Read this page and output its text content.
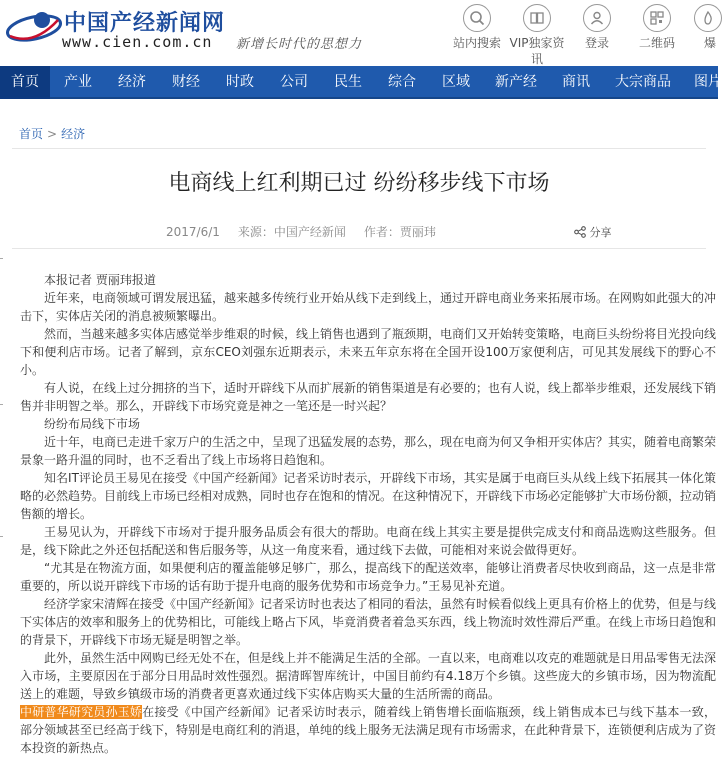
中国产经新闻网
www.cien.com.cn 新增长时代的思想力	站内搜索 VIP独家资讯
登录	二维码	爆
首页	产业	经济	财经	时政	公司	民生	综合	区域	新产经	商讯	大宗商品	图片
首页 > 经济
电商线上红利期已过 纷纷移步线下市场
2017/6/1 来源：中国产经新闻 作者：贾丽玮	分享

本报记者 贾丽玮报道

近年来，电商领域可谓发展迅猛，越来越多传统行业开始从线下走到线上，通过开辟电商业务来拓展市场。在网购如此强大的冲击下，实体店关闭的消息被频繁曝出。

然而，当越来越多实体店感觉举步维艰的时候，线上销售也遇到了瓶颈期，电商们又开始转变策略，电商巨头纷纷将目光投向线下和便利店市场。记者了解到，京东CEO刘强东近期表示，未来五年京东将在全国开设100万家便利店，可见其发展线下的野心不小。

有人说，在线上过分拥挤的当下，适时开辟线下从而扩展新的销售渠道是有必要的；也有人说，线上都举步维艰，还发展线下销售并非明智之举。那么，开辟线下市场究竟是神之一笔还是一时兴起？

纷纷布局线下市场

近十年，电商已走进千家万户的生活之中，呈现了迅猛发展的态势，那么，现在电商为何又争相开实体店？其实，随着电商繁荣景象一路升温的同时，也不乏看出了线上市场将日趋饱和。

知名IT评论员王易见在接受《中国产经新闻》记者采访时表示，开辟线下市场，其实是属于电商巨头从线上线下拓展其一体化策略的必然趋势。目前线上市场已经相对成熟，同时也存在饱和的情况。在这种情况下，开辟线下市场必定能够扩大市场份额，拉动销售额的增长。

王易见认为，开辟线下市场对于提升服务品质会有很大的帮助。电商在线上其实主要是提供完成支付和商品选购这些服务。但是，线下除此之外还包括配送和售后服务等，从这一角度来看，通过线下去做，可能相对来说会做得更好。

“尤其是在物流方面，如果便利店的覆盖能够足够广，那么，提高线下的配送效率，能够让消费者尽快收到商品，这一点是非常重要的，所以说开辟线下市场的话有助于提升电商的服务优势和市场竞争力。”王易见补充道。

经济学家宋清辉在接受《中国产经新闻》记者采访时也表达了相同的看法，虽然有时候看似线上更具有价格上的优势，但是与线下实体店的效率和服务上的优势相比，可能线上略占下风，毕竟消费者着急买东西，线上物流时效性滞后严重。在线上市场日趋饱和的背景下，开辟线下市场无疑是明智之举。

此外，虽然生活中网购已经无处不在，但是线上并不能满足生活的全部。一直以来，电商难以攻克的难题就是日用品零售无法深入市场，主要原因在于部分日用品时效性强烈。据清晖智库统计，中国目前约有4.18万个乡镇。这些庞大的乡镇市场，因为物流配送上的难题，导致乡镇级市场的消费者更喜欢通过线下实体店购买大量的生活所需的商品。

中研普华研究员孙玉娇在接受《中国产经新闻》记者采访时表示，随着线上销售增长面临瓶颈，线上销售成本已与线下基本一致，部分领域甚至已经高于线下，特别是电商红利的消退，单纯的线上服务无法满足现有市场需求，在此种背景下，连锁便利店成为了资本投资的新热点。
